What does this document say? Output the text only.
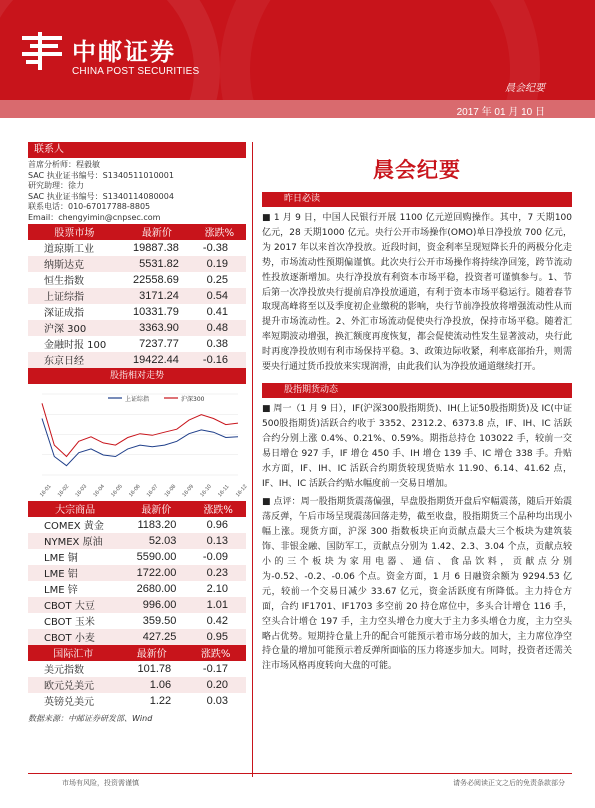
中邮证券
CHINA POST SECURITIES
晨会纪要
2017 年 01 月 10 日
联系人
首席分析师：程毅敏
SAC 执业证书编号：S1340511010001
研究助理：徐力
SAC 执业证书编号：S1340114080004
联系电话：010-67017788-8805
Email：chengyimin@cnpsec.com
股票市场	最新价	涨跌%
道琼斯工业	19887.38	-0.38
纳斯达克	5531.82	0.19
恒生指数	22558.69	0.25
上证综指	3171.24	0.54
深证成指	10331.79	0.41
沪深 300	3363.90	0.48
金融时报 100	7237.77	0.38
东京日经	19422.44	-0.16
股指相对走势
上证综指	沪深300
16-01 16-02 16-03 16-04 16-05 16-06 16-07 16-08 16-09 16-10 16-11 16-12
大宗商品	最新价	涨跌%
COMEX 黄金	1183.20	0.96
NYMEX 原油	52.03	0.13
LME 铜	5590.00	-0.09
LME 铝	1722.00	0.23
LME 锌	2680.00	2.10
CBOT 大豆	996.00	1.01
CBOT 玉米	359.50	0.42
CBOT 小麦	427.25	0.95
国际汇市	最新价	涨跌%
美元指数	101.78	-0.17
欧元兑美元	1.06	0.20
英镑兑美元	1.22	0.03
数据来源：中邮证券研发部、Wind
晨会纪要
昨日必读
■ 1 月 9 日，中国人民银行开展 1100 亿元逆回购操作。其中，7 天期100 亿元，28 天期1000 亿元。央行公开市场操作(OMO)单日净投放 700 亿元，为 2017 年以来首次净投放。近段时间，资金利率呈现短降长升的两极分化走势，市场流动性预期偏谨慎。此次央行公开市场操作将持续净回笼，跨节流动性投放逐渐增加。央行净投放有利资本市场平稳，投资者可谨慎参与。1、节后第一次净投放央行提前启净投放通道，有利于资本市场平稳运行。随着春节取现高峰将至以及季度初企业缴税的影响，央行节前净投放将增强流动性从而提升市场流动性。2、外汇市场流动促使央行净投放，保持市场平稳。随着汇率短期波动增强，换汇额度再度恢复，都会促使流动性发生显著波动，央行此时再度净投放则有利市场保持平稳。3、政策边际收紧，利率底部抬升，则需要央行通过货币投放来实现润滑，由此我们认为净投放通道继续打开。
股指期货动态
■ 周一（1 月 9 日），IF(沪深300股指期货)、IH(上证50股指期货)及 IC(中证500股指期货)活跃合约收于 3352、2312.2、6373.8 点，IF、IH、IC 活跃合约分别上涨 0.4%、0.21%、0.59%。期指总持仓 103022 手，较前一交易日增仓 927 手，IF 增仓 450 手、IH 增仓 139 手、IC 增仓 338 手。升贴水方面，IF、IH、IC 活跃合约期货较现货贴水 11.90、6.14、41.62 点，IF、IH、IC 活跃合约贴水幅度前一交易日增加。
■ 点评：周一股指期货震荡偏强，早盘股指期货开盘后窄幅震荡，随后开始震荡反弹，午后市场呈现震荡回落走势，截至收盘，股指期货三个品种均出现小幅上涨。现货方面，沪深 300 指数板块正向贡献点最大三个板块为建筑装饰、非银金融、国防军工，贡献点分别为 1.42、2.3、3.04 个点，贡献点较小的三个板块为家用电器、通信、食品饮料，贡献点分别为-0.52、-0.2、-0.06 个点。资金方面，1 月 6 日融资余额为 9294.53 亿元，较前一个交易日减少 33.67 亿元，资金活跃度有所降低。主力持仓方面，合约 IF1701、IF1703 多空前 20 持仓席位中，多头合计增仓 116 手，空头合计增仓 197 手，主力空头增仓力度大于主力多头增仓力度，主力空头略占优势。短期持仓量上升的配合可能预示着市场分歧的加大，主力席位净空持仓量的增加可能预示着反弹所面临的压力将逐步加大。同时，投资者还需关注市场风格再度转向大盘的可能。
市场有风险，投资需谨慎	请务必阅读正文之后的免责条款部分
